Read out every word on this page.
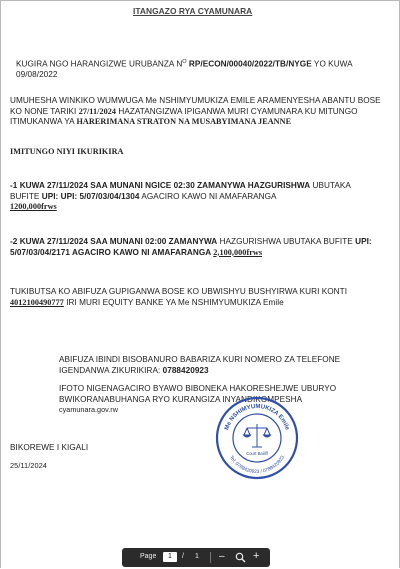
ITANGAZO RYA CYAMUNARA
KUGIRA NGO HARANGIZWE URUBANZA $N^O$ RP/ECON/00040/2022/TB/NYGE YO KUWA 09/08/2022
UMUHESHA WINKIKO WUMWUGA Me NSHIMYUMUKIZA EMILE ARAMENYESHA ABANTU BOSE KO NONE TARIKI 27/11/2024 HAZATANGIZWA IPIGANWA MURI CYAMUNARA KU MITUNGO ITIMUKANWA YA HARERIMANA STRATON NA MUSABYIMANA JEANNE
IMITUNGO NIYI IKURIKIRA
-1 KUWA 27/11/2024 SAA MUNANI NGICE 02:30 ZAMANYWA HAZGURISHWA UBUTAKA BUFITE UPI: UPI: 5/07/03/04/1304 AGACIRO KAWO NI AMAFARANGA
1200,000frws
-2 KUWA 27/11/2024 SAA MUNANI 02:00 ZAMANYWA HAZGURISHWA UBUTAKA BUFITE UPI: 5/07/03/04/2171 AGACIRO KAWO NI AMAFARANGA 2,100,000frws
TUKIBUTSA KO ABIFUZA GUPIGANWA BOSE KO UBWISHYU BUSHYIRWA KURI KONTI 4012100490777 IRI MURI EQUITY BANKE YA Me NSHIMYUMUKIZA Emile
ABIFUZA IBINDI BISOBANURO BABARIZA KURI NOMERO ZA TELEFONE IGENDANWA ZIKURIKIRA: 0788420923
IFOTO NIGENAGACIRO BYAWO BIBONEKA HAKORESHEJWE UBURYO BWIKORANABUHANGA RYO KURANGIZA INYANDIKOMPESHA
cyamunara.gov.rw
BIKOREWE I KIGALI
25/11/2024
Me NSHIMYUMUKIZA Emile
Tel: 0788420923 / 0788420923
Court Bailiff
Page	1	/ 1 –	+
